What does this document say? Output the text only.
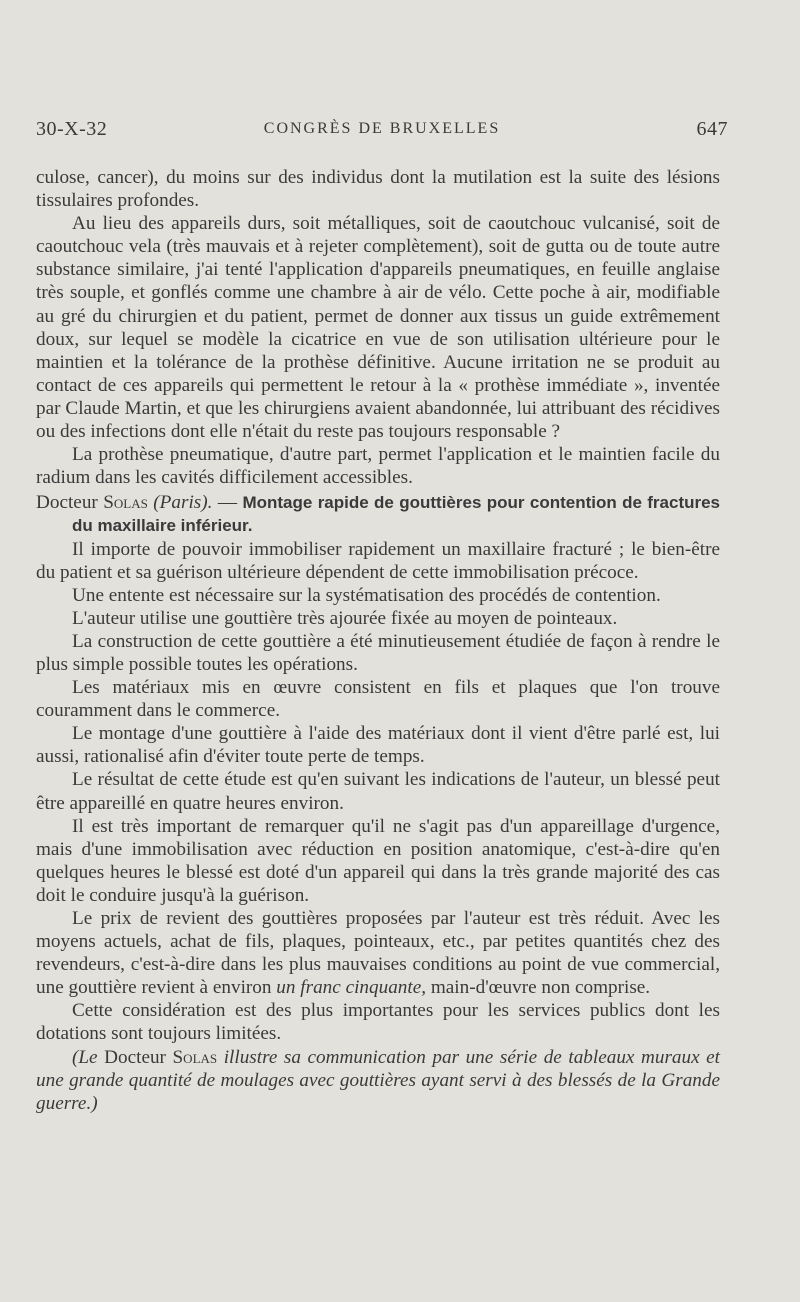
30-X-32	CONGRÈS DE BRUXELLES	647

culose, cancer), du moins sur des individus dont la mutilation est la suite des lésions tissulaires profondes.

Au lieu des appareils durs, soit métalliques, soit de caoutchouc vulcanisé, soit de caoutchouc vela (très mauvais et à rejeter complètement), soit de gutta ou de toute autre substance similaire, j'ai tenté l'application d'appareils pneumatiques, en feuille anglaise très souple, et gonflés comme une chambre à air de vélo. Cette poche à air, modifiable au gré du chirurgien et du patient, permet de donner aux tissus un guide extrêmement doux, sur lequel se modèle la cicatrice en vue de son utilisation ultérieure pour le maintien et la tolérance de la prothèse définitive. Aucune irritation ne se produit au contact de ces appareils qui permettent le retour à la « prothèse immédiate », inventée par Claude Martin, et que les chirurgiens avaient abandonnée, lui attribuant des récidives ou des infections dont elle n'était du reste pas toujours responsable ?

La prothèse pneumatique, d'autre part, permet l'application et le maintien facile du radium dans les cavités difficilement accessibles.

Docteur Solas (Paris). — Montage rapide de gouttières pour contention de fractures du maxillaire inférieur.

Il importe de pouvoir immobiliser rapidement un maxillaire fracturé ; le bien-être du patient et sa guérison ultérieure dépendent de cette immobilisation précoce.

Une entente est nécessaire sur la systématisation des procédés de contention.

L'auteur utilise une gouttière très ajourée fixée au moyen de pointeaux.

La construction de cette gouttière a été minutieusement étudiée de façon à rendre le plus simple possible toutes les opérations.

Les matériaux mis en œuvre consistent en fils et plaques que l'on trouve couramment dans le commerce.

Le montage d'une gouttière à l'aide des matériaux dont il vient d'être parlé est, lui aussi, rationalisé afin d'éviter toute perte de temps.

Le résultat de cette étude est qu'en suivant les indications de l'auteur, un blessé peut être appareillé en quatre heures environ.

Il est très important de remarquer qu'il ne s'agit pas d'un appareillage d'urgence, mais d'une immobilisation avec réduction en position anatomique, c'est-à-dire qu'en quelques heures le blessé est doté d'un appareil qui dans la très grande majorité des cas doit le conduire jusqu'à la guérison.

Le prix de revient des gouttières proposées par l'auteur est très réduit. Avec les moyens actuels, achat de fils, plaques, pointeaux, etc., par petites quantités chez des revendeurs, c'est-à-dire dans les plus mauvaises conditions au point de vue commercial, une gouttière revient à environ un franc cinquante, main-d'œuvre non comprise.

Cette considération est des plus importantes pour les services publics dont les dotations sont toujours limitées.

(Le Docteur Solas illustre sa communication par une série de tableaux muraux et une grande quantité de moulages avec gouttières ayant servi à des blessés de la Grande guerre.)
